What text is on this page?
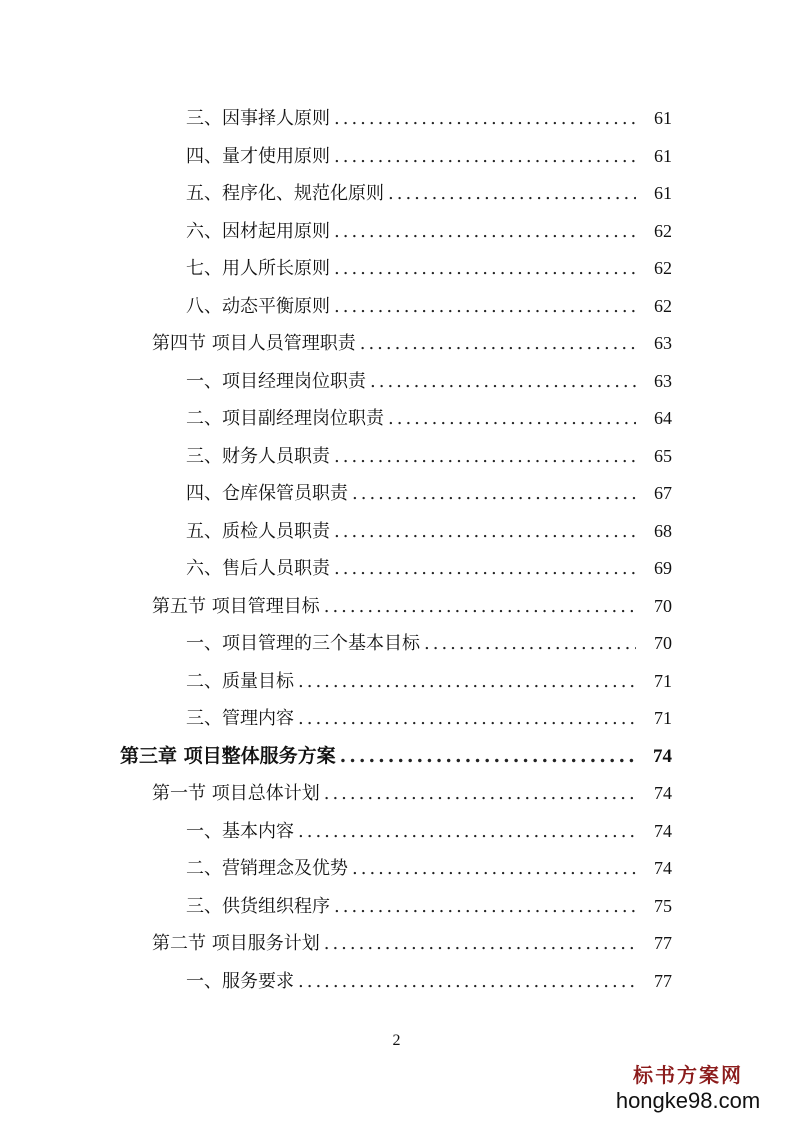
三、因事择人原则 .....	61
四、量才使用原则 .....	61
五、程序化、规范化原则 .....	61
六、因材起用原则 .....	62
七、用人所长原则 .....	62
八、动态平衡原则 .....	62
第四节 项目人员管理职责 .....	63
一、项目经理岗位职责 .....	63
二、项目副经理岗位职责 .....	64
三、财务人员职责 .....	65
四、仓库保管员职责 .....	67
五、质检人员职责 .....	68
六、售后人员职责 .....	69
第五节 项目管理目标 .....	70
一、项目管理的三个基本目标 .....	70
二、质量目标 .....	71
三、管理内容 .....	71
第三章 项目整体服务方案 .....	74
第一节 项目总体计划 .....	74
一、基本内容 .....	74
二、营销理念及优势 .....	74
三、供货组织程序 .....	75
第二节 项目服务计划 .....	77
一、服务要求 .....	77
2
标书方案网
hongke98.com
